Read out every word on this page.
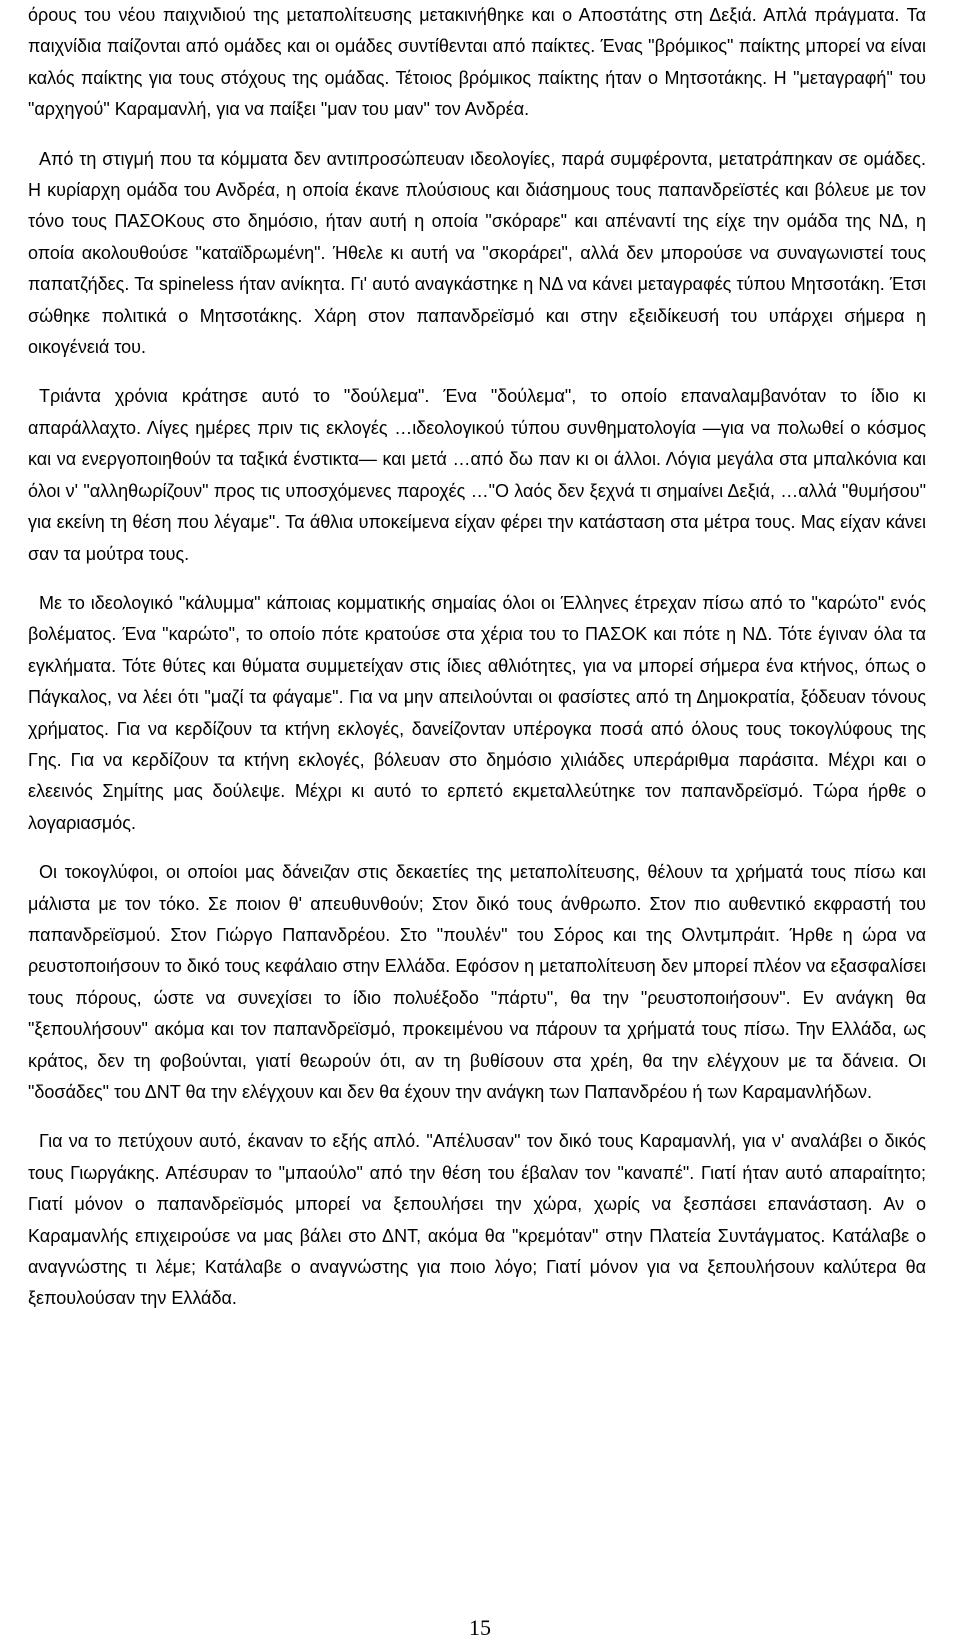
όρους του νέου παιχνιδιού της μεταπολίτευσης μετακινήθηκε και ο Αποστάτης στη Δεξιά. Απλά πράγματα. Τα παιχνίδια παίζονται από ομάδες και οι ομάδες συντίθενται από παίκτες. Ένας "βρόμικος" παίκτης μπορεί να είναι καλός παίκτης για τους στόχους της ομάδας. Τέτοιος βρόμικος παίκτης ήταν ο Μητσοτάκης. Η "μεταγραφή" του "αρχηγού" Καραμανλή, για να παίξει "μαν του μαν" τον Ανδρέα.

Από τη στιγμή που τα κόμματα δεν αντιπροσώπευαν ιδεολογίες, παρά συμφέροντα, μετατράπηκαν σε ομάδες. Η κυρίαρχη ομάδα του Ανδρέα, η οποία έκανε πλούσιους και διάσημους τους παπανδρεϊστές και βόλευε με τον τόνο τους ΠΑΣΟΚους στο δημόσιο, ήταν αυτή η οποία "σκόραρε" και απέναντί της είχε την ομάδα της ΝΔ, η οποία ακολουθούσε "καταϊδρωμένη". Ήθελε κι αυτή να "σκοράρει", αλλά δεν μπορούσε να συναγωνιστεί τους παπατζήδες. Τα spineless ήταν ανίκητα. Γι' αυτό αναγκάστηκε η ΝΔ να κάνει μεταγραφές τύπου Μητσοτάκη. Έτσι σώθηκε πολιτικά ο Μητσοτάκης. Χάρη στον παπανδρεϊσμό και στην εξειδίκευσή του υπάρχει σήμερα η οικογένειά του.

Τριάντα χρόνια κράτησε αυτό το "δούλεμα". Ένα "δούλεμα", το οποίο επαναλαμβανόταν το ίδιο κι απαράλλαχτο. Λίγες ημέρες πριν τις εκλογές …ιδεολογικού τύπου συνθηματολογία —για να πολωθεί ο κόσμος και να ενεργοποιηθούν τα ταξικά ένστικτα— και μετά …από δω παν κι οι άλλοι. Λόγια μεγάλα στα μπαλκόνια και όλοι ν' "αλληθωρίζουν" προς τις υποσχόμενες παροχές …"Ο λαός δεν ξεχνά τι σημαίνει Δεξιά, …αλλά "θυμήσου" για εκείνη τη θέση που λέγαμε". Τα άθλια υποκείμενα είχαν φέρει την κατάσταση στα μέτρα τους. Μας είχαν κάνει σαν τα μούτρα τους.

Με το ιδεολογικό "κάλυμμα" κάποιας κομματικής σημαίας όλοι οι Έλληνες έτρεχαν πίσω από το "καρώτο" ενός βολέματος. Ένα "καρώτο", το οποίο πότε κρατούσε στα χέρια του το ΠΑΣΟΚ και πότε η ΝΔ. Τότε έγιναν όλα τα εγκλήματα. Τότε θύτες και θύματα συμμετείχαν στις ίδιες αθλιότητες, για να μπορεί σήμερα ένα κτήνος, όπως ο Πάγκαλος, να λέει ότι "μαζί τα φάγαμε". Για να μην απειλούνται οι φασίστες από τη Δημοκρατία, ξόδευαν τόνους χρήματος. Για να κερδίζουν τα κτήνη εκλογές, δανείζονταν υπέρογκα ποσά από όλους τους τοκογλύφους της Γης. Για να κερδίζουν τα κτήνη εκλογές, βόλευαν στο δημόσιο χιλιάδες υπεράριθμα παράσιτα. Μέχρι και ο ελεεινός Σημίτης μας δούλεψε. Μέχρι κι αυτό το ερπετό εκμεταλλεύτηκε τον παπανδρεϊσμό. Τώρα ήρθε ο λογαριασμός.

Οι τοκογλύφοι, οι οποίοι μας δάνειζαν στις δεκαετίες της μεταπολίτευσης, θέλουν τα χρήματά τους πίσω και μάλιστα με τον τόκο. Σε ποιον θ' απευθυνθούν; Στον δικό τους άνθρωπο. Στον πιο αυθεντικό εκφραστή του παπανδρεϊσμού. Στον Γιώργο Παπανδρέου. Στο "πουλέν" του Σόρος και της Ολντμπράιτ. Ήρθε η ώρα να ρευστοποιήσουν το δικό τους κεφάλαιο στην Ελλάδα. Εφόσον η μεταπολίτευση δεν μπορεί πλέον να εξασφαλίσει τους πόρους, ώστε να συνεχίσει το ίδιο πολυέξοδο "πάρτυ", θα την "ρευστοποιήσουν". Εν ανάγκη θα "ξεπουλήσουν" ακόμα και τον παπανδρεϊσμό, προκειμένου να πάρουν τα χρήματά τους πίσω. Την Ελλάδα, ως κράτος, δεν τη φοβούνται, γιατί θεωρούν ότι, αν τη βυθίσουν στα χρέη, θα την ελέγχουν με τα δάνεια. Οι "δοσάδες" του ΔΝΤ θα την ελέγχουν και δεν θα έχουν την ανάγκη των Παπανδρέου ή των Καραμανλήδων.

Για να το πετύχουν αυτό, έκαναν το εξής απλό. "Απέλυσαν" τον δικό τους Καραμανλή, για ν' αναλάβει ο δικός τους Γιωργάκης. Απέσυραν το "μπαούλο" από την θέση του έβαλαν τον "καναπέ". Γιατί ήταν αυτό απαραίτητο; Γιατί μόνον ο παπανδρεϊσμός μπορεί να ξεπουλήσει την χώρα, χωρίς να ξεσπάσει επανάσταση. Αν ο Καραμανλής επιχειρούσε να μας βάλει στο ΔΝΤ, ακόμα θα "κρεμόταν" στην Πλατεία Συντάγματος. Κατάλαβε ο αναγνώστης τι λέμε; Κατάλαβε ο αναγνώστης για ποιο λόγο; Γιατί μόνον για να ξεπουλήσουν καλύτερα θα ξεπουλούσαν την Ελλάδα.

15
